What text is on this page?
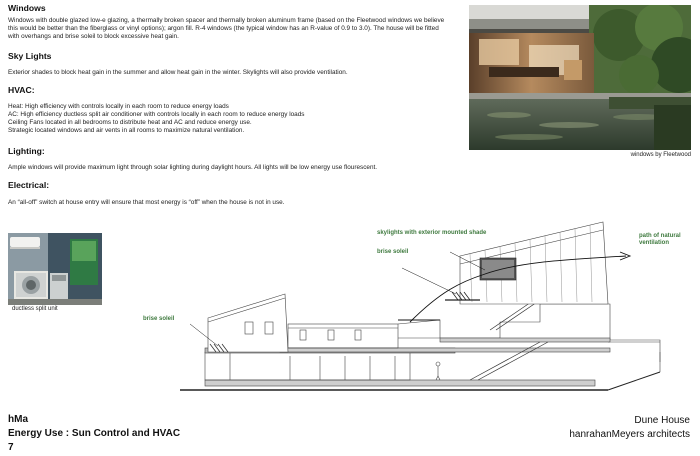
Windows

Windows with double glazed low-e glazing, a thermally broken spacer and thermally broken aluminum frame (based on the Fleetwood windows we believe this would be better than the fiberglass or vinyl options); argon fill. R-4 windows (the typical window has an R-value of 0.9 to 3.0). The house will be fitted with overhangs and brise soleil to block excessive heat gain.

Sky Lights

Exterior shades to block heat gain in the summer and allow heat gain in the winter. Skylights will also provide ventilation.

HVAC:

Heat: High efficiency with controls locally in each room to reduce energy loads

AC: High efficiency ductless split air conditioner with controls locally in each room to reduce energy loads

Ceiling Fans located in all bedrooms to distribute heat and AC and reduce energy use.

Strategic located windows and air vents in all rooms to maximize natural ventilation.

Lighting:

Ample windows will provide maximum light through solar lighting during daylight hours. All lights will be low energy use flourescent.

Electrical:

An “all-off” switch at house entry will ensure that most energy is “off” when the house is not in use.

windows by Fleetwood
ductless split unit
skylights with exterior mounted shade
brise soleil
brise soleil
path of natural ventilation
hMa
Energy Use : Sun Control and HVAC
7
Dune House
hanrahanMeyers architects
